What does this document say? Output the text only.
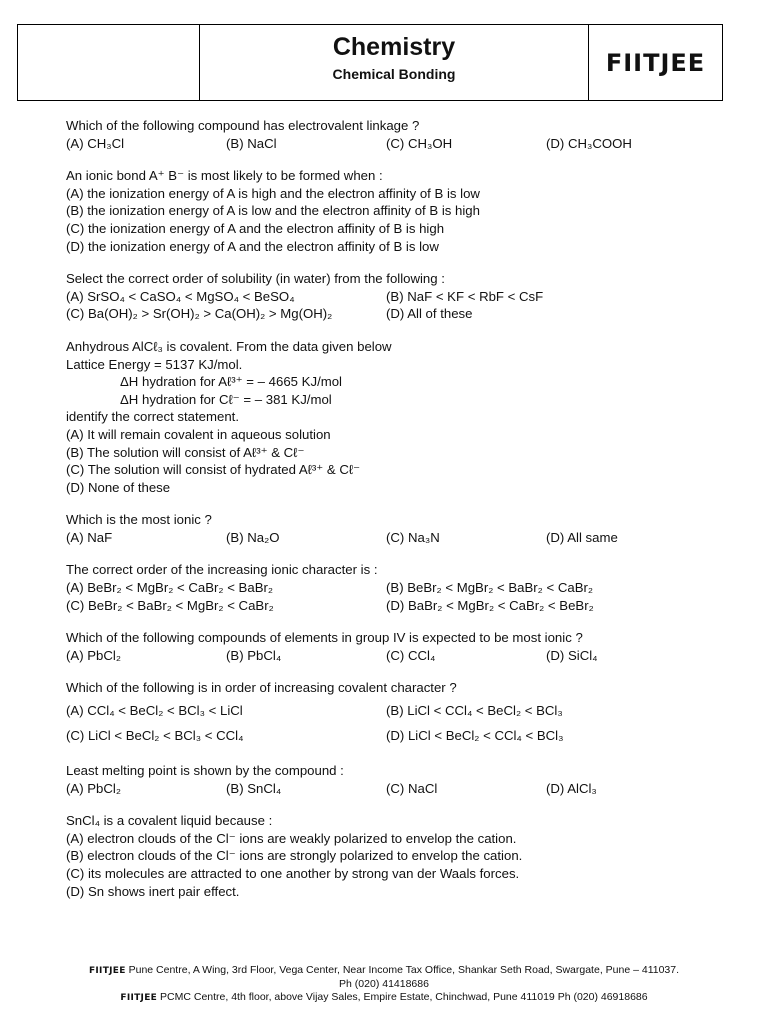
Chemistry
Chemical Bonding	FIITJEE
Which of the following compound has electrovalent linkage ?
(A) CH₃Cl	(B) NaCl	(C) CH₃OH	(D) CH₃COOH
An ionic bond A⁺ B⁻ is most likely to be formed when :
(A) the ionization energy of A is high and the electron affinity of B is low
(B) the ionization energy of A is low and the electron affinity of B is high
(C) the ionization energy of A and the electron affinity of B is high
(D) the ionization energy of A and the electron affinity of B is low
Select the correct order of solubility (in water) from the following :
(A) SrSO₄ < CaSO₄ < MgSO₄ < BeSO₄	(B) NaF < KF < RbF < CsF
(C) Ba(OH)₂ > Sr(OH)₂ > Ca(OH)₂ > Mg(OH)₂	(D) All of these
Anhydrous AlCℓ₃ is covalent. From the data given below
Lattice Energy = 5137 KJ/mol.
ΔH hydration for Aℓ³⁺ = – 4665 KJ/mol
ΔH hydration for Cℓ⁻ = – 381 KJ/mol
identify the correct statement.
(A) It will remain covalent in aqueous solution
(B) The solution will consist of Aℓ³⁺ & Cℓ⁻
(C) The solution will consist of hydrated Aℓ³⁺ & Cℓ⁻
(D) None of these
Which is the most ionic ?
(A) NaF	(B) Na₂O	(C) Na₃N	(D) All same
The correct order of the increasing ionic character is :
(A) BeBr₂ < MgBr₂ < CaBr₂ < BaBr₂	(B) BeBr₂ < MgBr₂ < BaBr₂ < CaBr₂
(C) BeBr₂ < BaBr₂ < MgBr₂ < CaBr₂	(D) BaBr₂ < MgBr₂ < CaBr₂ < BeBr₂
Which of the following compounds of elements in group IV is expected to be most ionic ?
(A) PbCl₂	(B) PbCl₄	(C) CCl₄	(D) SiCl₄
Which of the following is in order of increasing covalent character ?
(A) CCl₄ < BeCl₂ < BCl₃ < LiCl	(B) LiCl < CCl₄ < BeCl₂ < BCl₃
(C) LiCl < BeCl₂ < BCl₃ < CCl₄	(D) LiCl < BeCl₂ < CCl₄ < BCl₃
Least melting point is shown by the compound :
(A) PbCl₂	(B) SnCl₄	(C) NaCl	(D) AlCl₃
SnCl₄ is a covalent liquid because :
(A) electron clouds of the Cl⁻ ions are weakly polarized to envelop the cation.
(B) electron clouds of the Cl⁻ ions are strongly polarized to envelop the cation.
(C) its molecules are attracted to one another by strong van der Waals forces.
(D) Sn shows inert pair effect.
FIITJEE Pune Centre, A Wing, 3rd Floor, Vega Center, Near Income Tax Office, Shankar Seth Road, Swargate, Pune – 411037.
Ph (020) 41418686
FIITJEE PCMC Centre, 4th floor, above Vijay Sales, Empire Estate, Chinchwad, Pune 411019 Ph (020) 46918686
